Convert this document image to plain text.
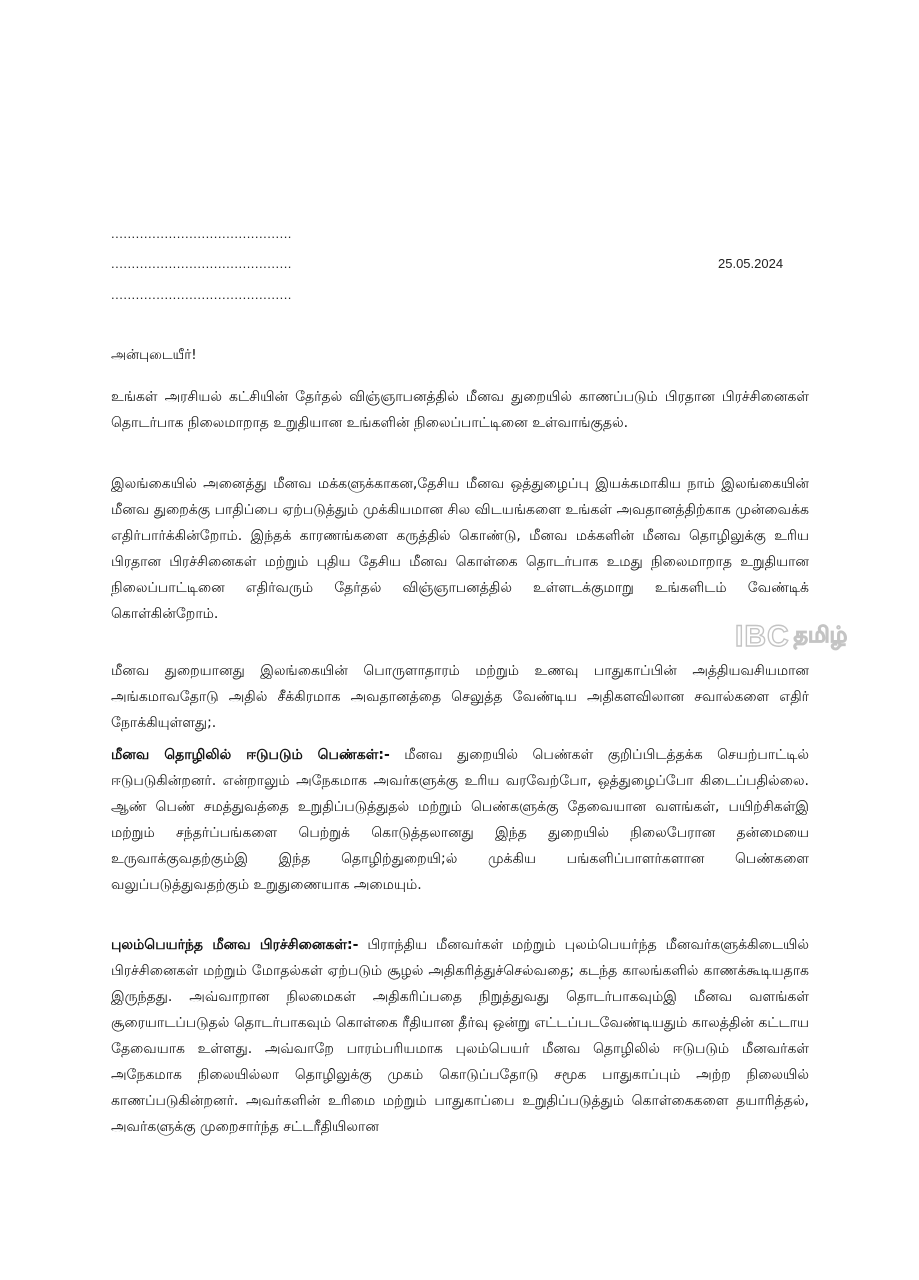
............................................
............................................
............................................
25.05.2024
அன்புடையீர்!

உங்கள் அரசியல் கட்சியின் தேர்தல் விஞ்ஞாபனத்தில் மீனவ துறையில் காணப்படும் பிரதான பிரச்சினைகள் தொடர்பாக நிலைமாறாத உறுதியான உங்களின் நிலைப்பாட்டினை உள்வாங்குதல்.

இலங்கையில் அனைத்து மீனவ மக்களுக்காகன,தேசிய மீனவ ஒத்துழைப்பு இயக்கமாகிய நாம் இலங்கையின் மீனவ துறைக்கு பாதிப்பை ஏற்படுத்தும் முக்கியமான சில விடயங்களை உங்கள் அவதானத்திற்காக முன்வைக்க எதிர்பார்க்கின்றோம். இந்தக் காரணங்களை கருத்தில் கொண்டு, மீனவ மக்களின் மீனவ தொழிலுக்கு உரிய பிரதான பிரச்சினைகள் மற்றும் புதிய தேசிய மீனவ கொள்கை தொடர்பாக உமது நிலைமாறாத உறுதியான நிலைப்பாட்டினை எதிர்வரும் தேர்தல் விஞ்ஞாபனத்தில் உள்ளடக்குமாறு உங்களிடம் வேண்டிக் கொள்கின்றோம்.

மீனவ துறையானது இலங்கையின் பொருளாதாரம் மற்றும் உணவு பாதுகாப்பின் அத்தியவசியமான அங்கமாவதோடு அதில் சீக்கிரமாக அவதானத்தை செலுத்த வேண்டிய அதிகளவிலான சவால்களை எதிர் நோக்கியுள்ளது;.

மீனவ தொழிலில் ஈடுபடும் பெண்கள்:- மீனவ துறையில் பெண்கள் குறிப்பிடத்தக்க செயற்பாட்டில் ஈடுபடுகின்றனர். என்றாலும் அநேகமாக அவர்களுக்கு உரிய வரவேற்போ, ஒத்துழைப்போ கிடைப்பதில்லை. ஆண் பெண் சமத்துவத்தை உறுதிப்படுத்துதல் மற்றும் பெண்களுக்கு தேவையான வளங்கள், பயிற்சிகள்இ மற்றும் சந்தர்ப்பங்களை பெற்றுக் கொடுத்தலானது இந்த துறையில் நிலைபேரான தன்மையை உருவாக்குவதற்கும்இ இந்த தொழிற்துறையி;ல் முக்கிய பங்களிப்பாளர்களான பெண்களை வலுப்படுத்துவதற்கும் உறுதுணையாக அமையும்.

புலம்பெயர்ந்த மீனவ பிரச்சினைகள்:- பிராந்திய மீனவர்கள் மற்றும் புலம்பெயர்ந்த மீனவர்களுக்கிடையில் பிரச்சினைகள் மற்றும் மோதல்கள் ஏற்படும் சூழல் அதிகரித்துச்செல்வதை; கடந்த காலங்களில் காணக்கூடியதாக இருந்தது. அவ்வாறான நிலமைகள் அதிகரிப்பதை நிறுத்துவது தொடர்பாகவும்இ மீனவ வளங்கள் சூரையாடப்படுதல் தொடர்பாகவும் கொள்கை ரீதியான தீர்வு ஒன்று எட்டப்படவேண்டியதும் காலத்தின் கட்டாய தேவையாக உள்ளது. அவ்வாறே பாரம்பரியமாக புலம்பெயர் மீனவ தொழிலில் ஈடுபடும் மீனவர்கள் அநேகமாக நிலையில்லா தொழிலுக்கு முகம் கொடுப்பதோடு சமூக பாதுகாப்பும் அற்ற நிலையில் காணப்படுகின்றனர். அவர்களின் உரிமை மற்றும் பாதுகாப்பை உறுதிப்படுத்தும் கொள்கைகளை தயாரித்தல், அவர்களுக்கு முறைசார்ந்த சட்டரீதியிலான

IBC தமிழ்
